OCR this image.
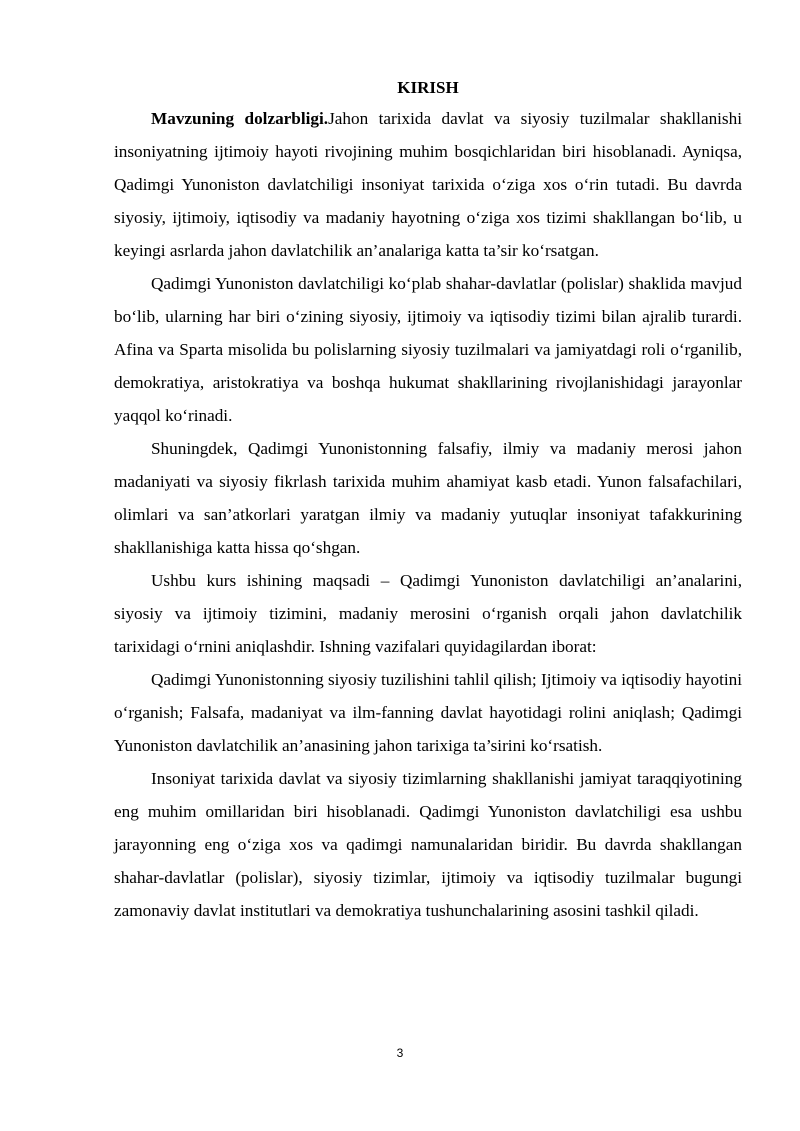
KIRISH

Mavzuning dolzarbligi.Jahon tarixida davlat va siyosiy tuzilmalar shakllanishi insoniyatning ijtimoiy hayoti rivojining muhim bosqichlaridan biri hisoblanadi. Ayniqsa, Qadimgi Yunoniston davlatchiligi insoniyat tarixida o‘ziga xos o‘rin tutadi. Bu davrda siyosiy, ijtimoiy, iqtisodiy va madaniy hayotning o‘ziga xos tizimi shakllangan bo‘lib, u keyingi asrlarda jahon davlatchilik an’analariga katta ta’sir ko‘rsatgan.

Qadimgi Yunoniston davlatchiligi ko‘plab shahar-davlatlar (polislar) shaklida mavjud bo‘lib, ularning har biri o‘zining siyosiy, ijtimoiy va iqtisodiy tizimi bilan ajralib turardi. Afina va Sparta misolida bu polislarning siyosiy tuzilmalari va jamiyatdagi roli o‘rganilib, demokratiya, aristokratiya va boshqa hukumat shakllarining rivojlanishidagi jarayonlar yaqqol ko‘rinadi.

Shuningdek, Qadimgi Yunonistonning falsafiy, ilmiy va madaniy merosi jahon madaniyati va siyosiy fikrlash tarixida muhim ahamiyat kasb etadi. Yunon falsafachilari, olimlari va san’atkorlari yaratgan ilmiy va madaniy yutuqlar insoniyat tafakkurining shakllanishiga katta hissa qo‘shgan.

Ushbu kurs ishining maqsadi – Qadimgi Yunoniston davlatchiligi an’analarini, siyosiy va ijtimoiy tizimini, madaniy merosini o‘rganish orqali jahon davlatchilik tarixidagi o‘rnini aniqlashdir. Ishning vazifalari quyidagilardan iborat:

Qadimgi Yunonistonning siyosiy tuzilishini tahlil qilish; Ijtimoiy va iqtisodiy hayotini o‘rganish; Falsafa, madaniyat va ilm-fanning davlat hayotidagi rolini aniqlash; Qadimgi Yunoniston davlatchilik an’anasining jahon tarixiga ta’sirini ko‘rsatish.

Insoniyat tarixida davlat va siyosiy tizimlarning shakllanishi jamiyat taraqqiyotining eng muhim omillaridan biri hisoblanadi. Qadimgi Yunoniston davlatchiligi esa ushbu jarayonning eng o‘ziga xos va qadimgi namunalaridan biridir. Bu davrda shakllangan shahar-davlatlar (polislar), siyosiy tizimlar, ijtimoiy va iqtisodiy tuzilmalar bugungi zamonaviy davlat institutlari va demokratiya tushunchalarining asosini tashkil qiladi.

3
